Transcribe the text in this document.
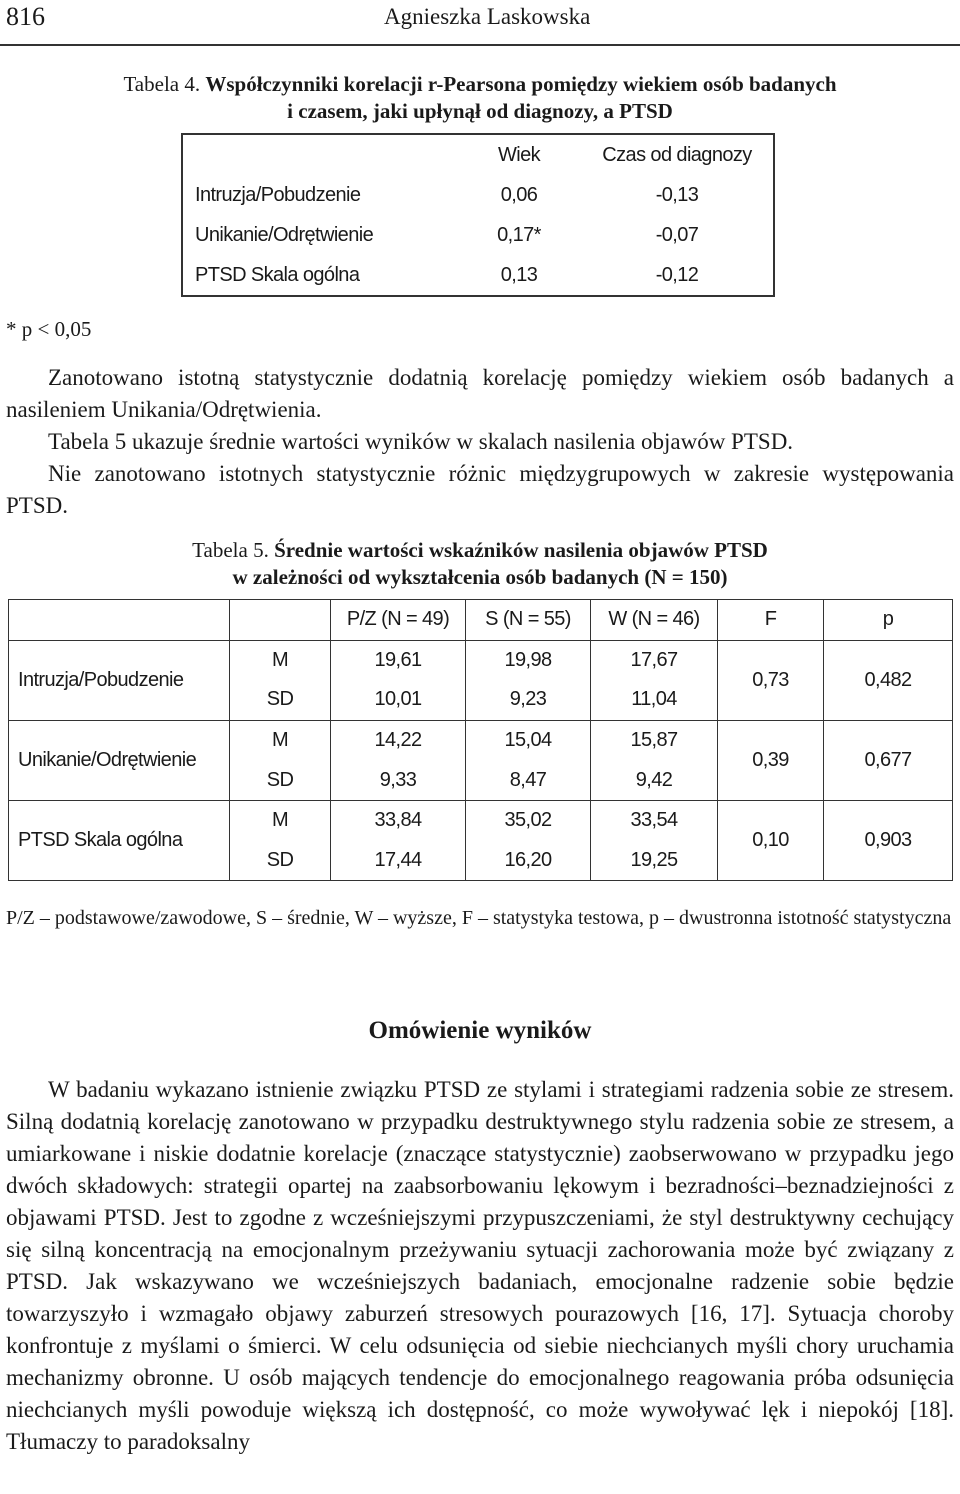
816	Agnieszka Laskowska
Tabela 4. Współczynniki korelacji r-Pearsona pomiędzy wiekiem osób badanych
i czasem, jaki upłynął od diagnozy, a PTSD
	Wiek	Czas od diagnozy
Intruzja/Pobudzenie	0,06	-0,13
Unikanie/Odrętwienie	0,17*	-0,07
PTSD Skala ogólna	0,13	-0,12
* p < 0,05

Zanotowano istotną statystycznie dodatnią korelację pomiędzy wiekiem osób badanych a nasileniem Unikania/Odrętwienia.

Tabela 5 ukazuje średnie wartości wyników w skalach nasilenia objawów PTSD.

Nie zanotowano istotnych statystycznie różnic międzygrupowych w zakresie występowania PTSD.

Tabela 5. Średnie wartości wskaźników nasilenia objawów PTSD
w zależności od wykształcenia osób badanych (N = 150)
		P/Z (N = 49)	S (N = 55)	W (N = 46)	F	p
Intruzja/Pobudzenie	M	19,61	19,98	17,67	0,73	0,482
	SD	10,01	9,23	11,04		
Unikanie/Odrętwienie	M	14,22	15,04	15,87	0,39	0,677
	SD	9,33	8,47	9,42		
PTSD Skala ogólna	M	33,84	35,02	33,54	0,10	0,903
	SD	17,44	16,20	19,25		

P/Z – podstawowe/zawodowe, S – średnie, W – wyższe, F – statystyka testowa, p – dwustronna istotność statystyczna

Omówienie wyników

W badaniu wykazano istnienie związku PTSD ze stylami i strategiami radzenia sobie ze stresem. Silną dodatnią korelację zanotowano w przypadku destruktywnego stylu radzenia sobie ze stresem, a umiarkowane i niskie dodatnie korelacje (znaczące statystycznie) zaobserwowano w przypadku jego dwóch składowych: strategii opartej na zaabsorbowaniu lękowym i bezradności–beznadziejności z objawami PTSD. Jest to zgodne z wcześniejszymi przypuszczeniami, że styl destruktywny cechujący się silną koncentracją na emocjonalnym przeżywaniu sytuacji zachorowania może być związany z PTSD. Jak wskazywano we wcześniejszych badaniach, emocjonalne radzenie sobie będzie towarzyszyło i wzmagało objawy zaburzeń stresowych pourazowych [16, 17]. Sytuacja choroby konfrontuje z myślami o śmierci. W celu odsunięcia od siebie niechcianych myśli chory uruchamia mechanizmy obronne. U osób mających tendencje do emocjonalnego reagowania próba odsunięcia niechcianych myśli powoduje większą ich dostępność, co może wywoływać lęk i niepokój [18]. Tłumaczy to paradoksalny
